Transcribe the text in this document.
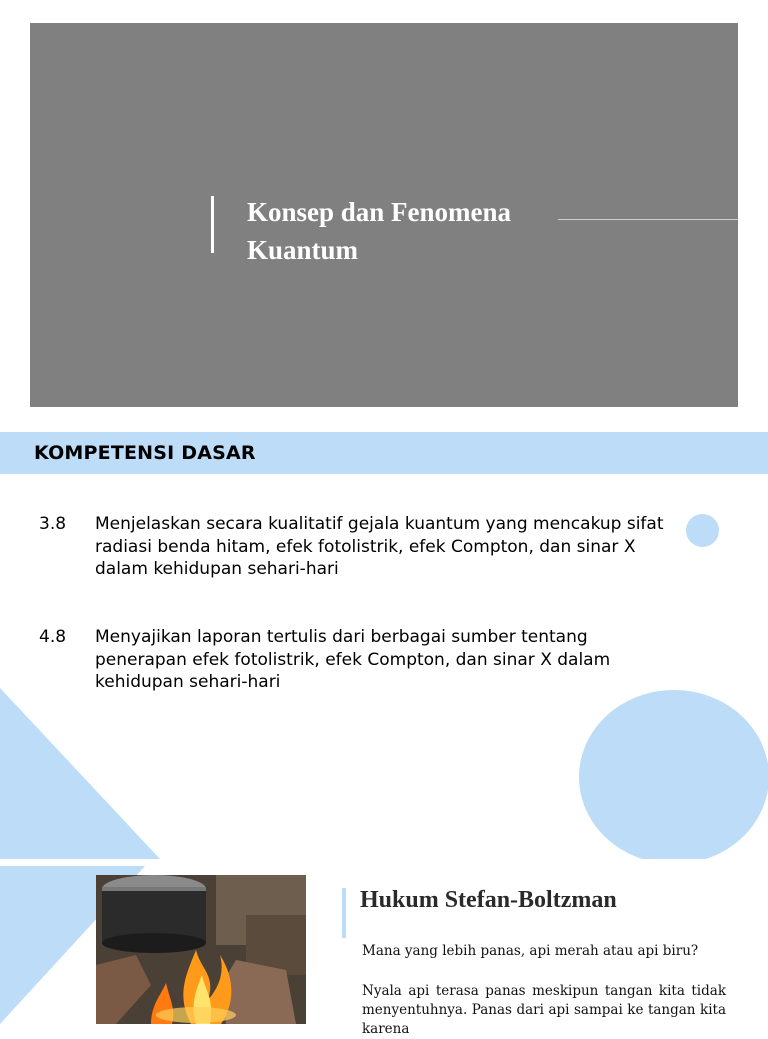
Konsep dan Fenomena
Kuantum
KOMPETENSI DASAR
3.8	Menjelaskan secara kualitatif gejala kuantum yang mencakup sifat radiasi benda hitam, efek fotolistrik, efek Compton, dan sinar X dalam kehidupan sehari-hari
4.8	Menyajikan laporan tertulis dari berbagai sumber tentang penerapan efek fotolistrik, efek Compton, dan sinar X dalam kehidupan sehari-hari
Hukum Stefan-Boltzman

Mana yang lebih panas, api merah atau api biru?

Nyala api terasa panas meskipun tangan kita tidak menyentuhnya. Panas dari api sampai ke tangan kita karena
